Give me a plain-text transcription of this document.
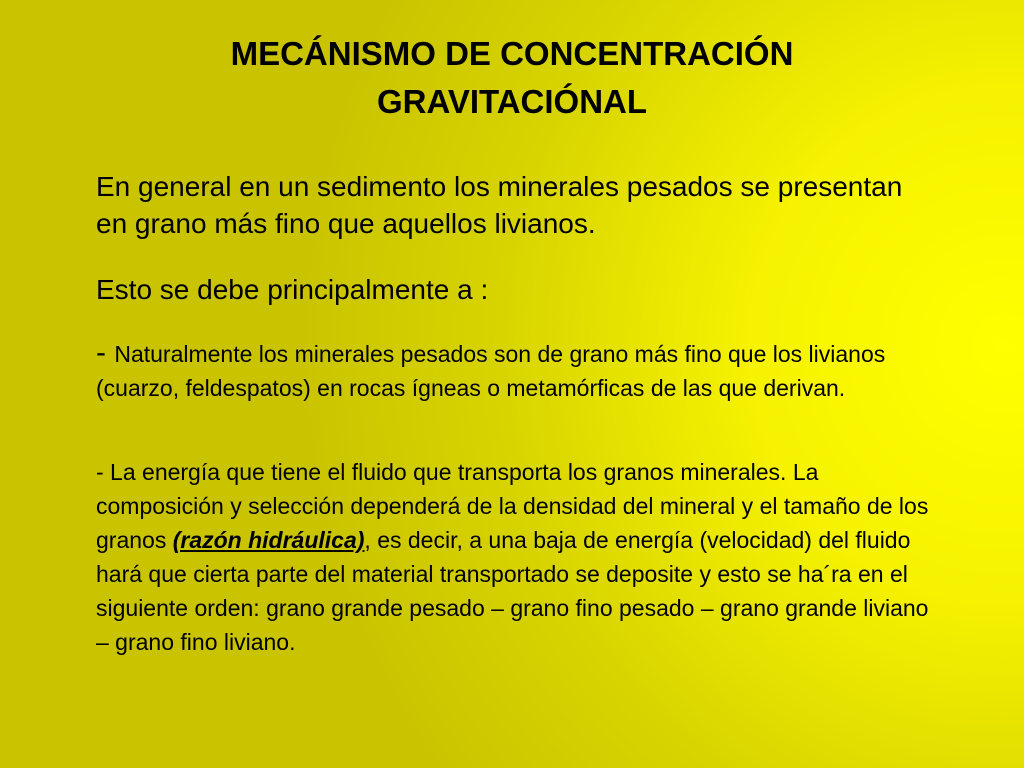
MECÁNISMO DE CONCENTRACIÓN
GRAVITACIÓNAL

En general en un sedimento los minerales pesados se presentan en grano más fino que aquellos livianos.

Esto se debe principalmente a :

- Naturalmente los minerales pesados son de grano más fino que los livianos (cuarzo, feldespatos) en rocas ígneas o metamórficas de las que derivan.

- La energía que tiene el fluido que transporta los granos minerales. La composición y selección dependerá de la densidad del mineral y el tamaño de los granos (razón hidráulica), es decir, a una baja de energía (velocidad) del fluido hará que cierta parte del material transportado se deposite y esto se ha´ra en el siguiente orden: grano grande pesado – grano fino pesado – grano grande liviano – grano fino liviano.
